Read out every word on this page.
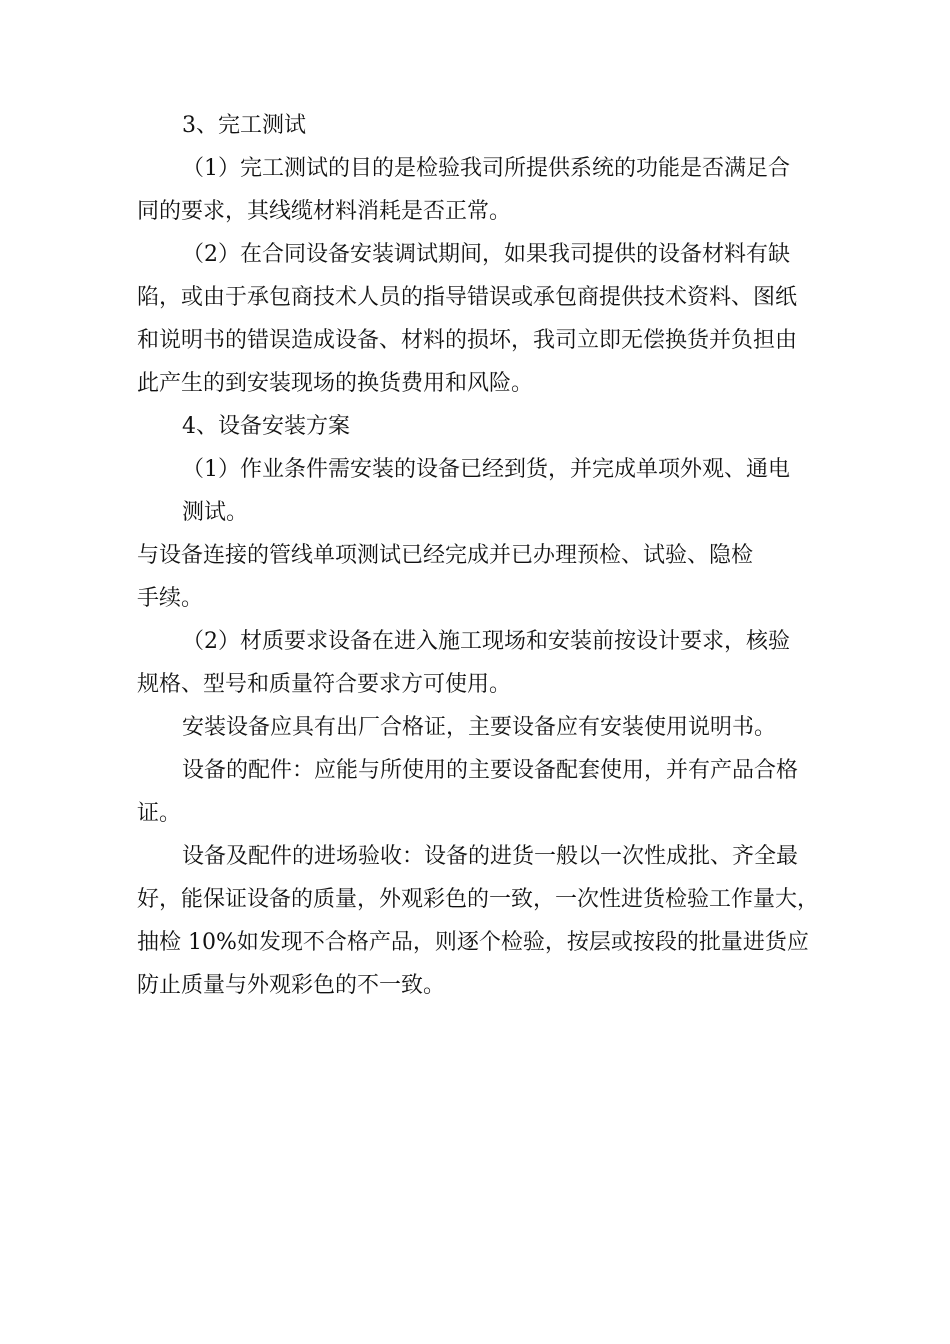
3、完工测试

（1）完工测试的目的是检验我司所提供系统的功能是否满足合

同的要求，其线缆材料消耗是否正常。

（2）在合同设备安装调试期间，如果我司提供的设备材料有缺

陷，或由于承包商技术人员的指导错误或承包商提供技术资料、图纸

和说明书的错误造成设备、材料的损坏，我司立即无偿换货并负担由

此产生的到安装现场的换货费用和风险。

4、设备安装方案

（1）作业条件需安装的设备已经到货，并完成单项外观、通电

测试。

与设备连接的管线单项测试已经完成并已办理预检、试验、隐检

手续。

（2）材质要求设备在进入施工现场和安装前按设计要求，核验

规格、型号和质量符合要求方可使用。

安装设备应具有出厂合格证，主要设备应有安装使用说明书。

设备的配件：应能与所使用的主要设备配套使用，并有产品合格

证。

设备及配件的进场验收：设备的进货一般以一次性成批、齐全最

好，能保证设备的质量，外观彩色的一致，一次性进货检验工作量大，

抽检 10%如发现不合格产品，则逐个检验，按层或按段的批量进货应

防止质量与外观彩色的不一致。
